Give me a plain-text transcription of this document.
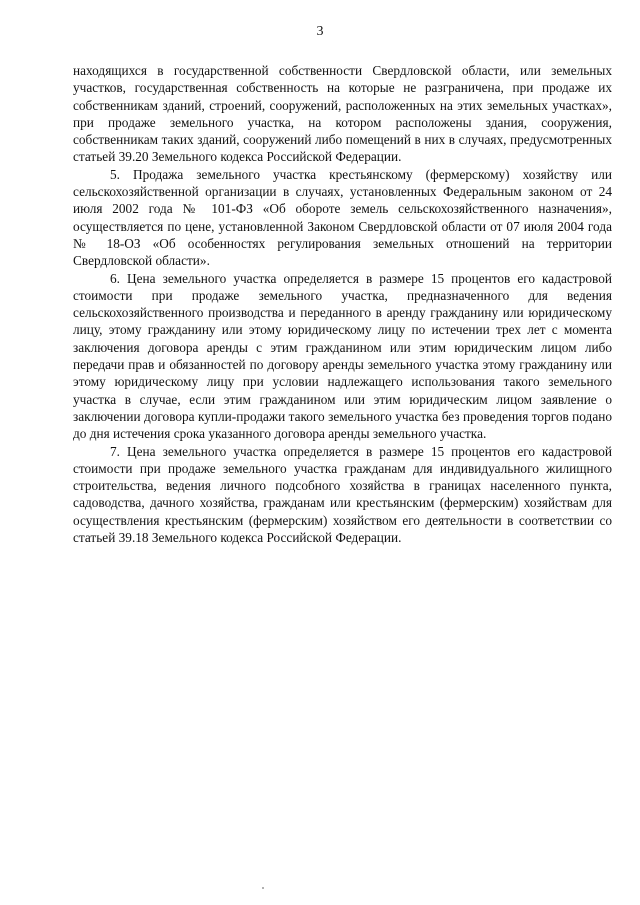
3

находящихся в государственной собственности Свердловской области, или земельных участков, государственная собственность на которые не разграничена, при продаже их собственникам зданий, строений, сооружений, расположенных на этих земельных участках», при продаже земельного участка, на котором расположены здания, сооружения, собственникам таких зданий, сооружений либо помещений в них в случаях, предусмотренных статьей 39.20 Земельного кодекса Российской Федерации.

5. Продажа земельного участка крестьянскому (фермерскому) хозяйству или сельскохозяйственной организации в случаях, установленных Федеральным законом от 24 июля 2002 года № 101-ФЗ «Об обороте земель сельскохозяйственного назначения», осуществляется по цене, установленной Законом Свердловской области от 07 июля 2004 года № 18-ОЗ «Об особенностях регулирования земельных отношений на территории Свердловской области».

6. Цена земельного участка определяется в размере 15 процентов его кадастровой стоимости при продаже земельного участка, предназначенного для ведения сельскохозяйственного производства и переданного в аренду гражданину или юридическому лицу, этому гражданину или этому юридическому лицу по истечении трех лет с момента заключения договора аренды с этим гражданином или этим юридическим лицом либо передачи прав и обязанностей по договору аренды земельного участка этому гражданину или этому юридическому лицу при условии надлежащего использования такого земельного участка в случае, если этим гражданином или этим юридическим лицом заявление о заключении договора купли-продажи такого земельного участка без проведения торгов подано до дня истечения срока указанного договора аренды земельного участка.

7. Цена земельного участка определяется в размере 15 процентов его кадастровой стоимости при продаже земельного участка гражданам для индивидуального жилищного строительства, ведения личного подсобного хозяйства в границах населенного пункта, садоводства, дачного хозяйства, гражданам или крестьянским (фермерским) хозяйствам для осуществления крестьянским (фермерским) хозяйством его деятельности в соответствии со статьей 39.18 Земельного кодекса Российской Федерации.
